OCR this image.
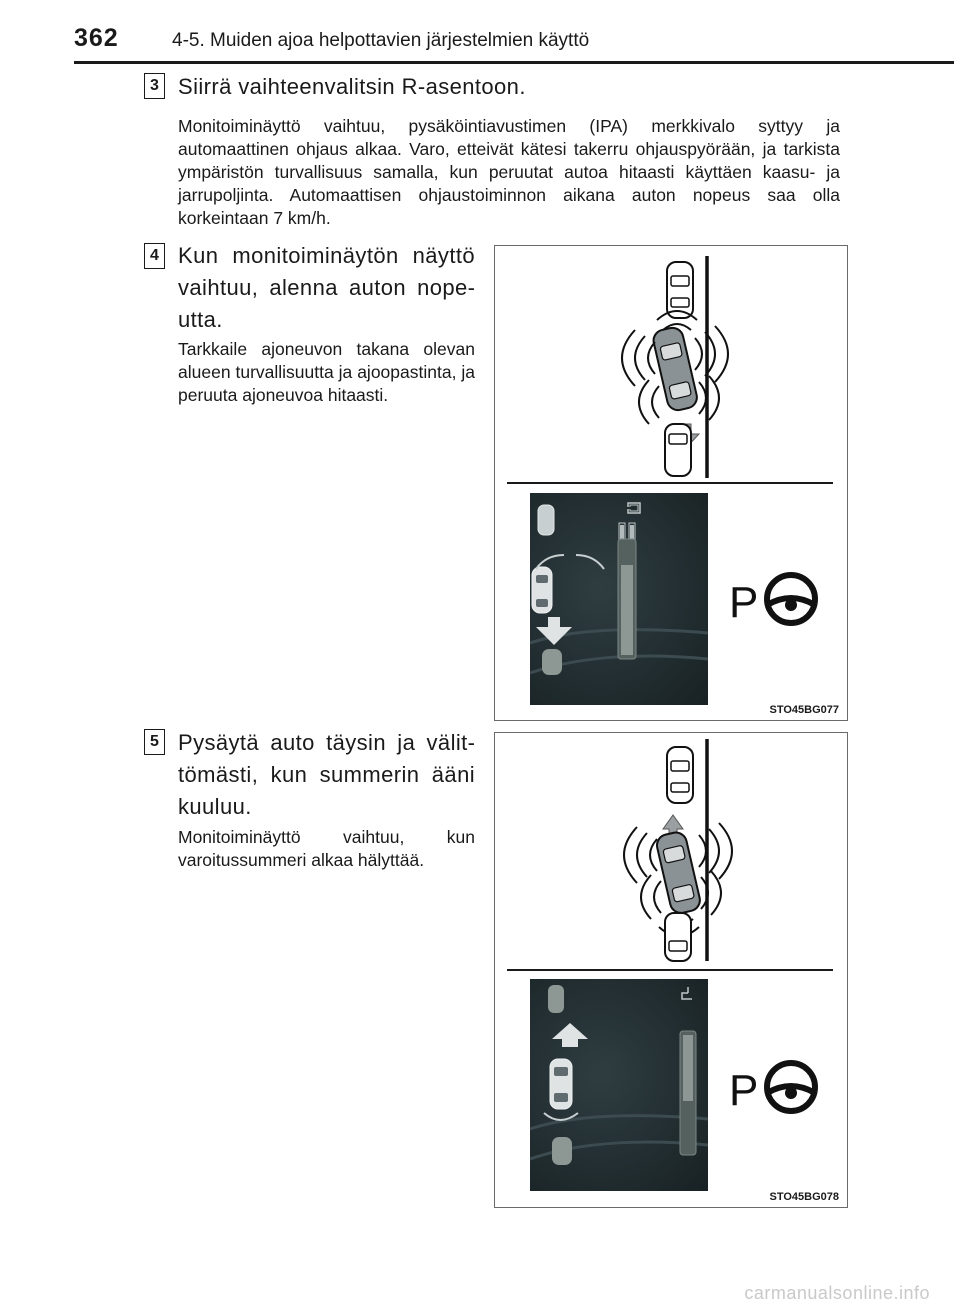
362	4-5. Muiden ajoa helpottavien järjestelmien käyttö
3 Siirrä vaihteenvalitsin R-asentoon.
Monitoiminäyttö vaihtuu, pysäköintiavustimen (IPA) merkkivalo syttyy ja automaattinen ohjaus alkaa. Varo, etteivät kätesi takerru ohjauspyörään, ja tarkista ympäristön turvallisuus samalla, kun peruutat autoa hitaasti käyttäen kaasu- ja jarrupoljinta. Automaattisen ohjaustoiminnon aikana auton nopeus saa olla korkeintaan 7 km/h.
4 Kun monitoiminäytön näyttö vaihtuu, alenna auton nopeutta.
Tarkkaile ajoneuvon takana olevan alueen turvallisuutta ja ajoopastinta, ja peruuta ajoneuvoa hitaasti.
P
STO45BG077
5 Pysäytä auto täysin ja välittömästi, kun summerin ääni kuuluu.
Monitoiminäyttö vaihtuu, kun varoitussummeri alkaa hälyttää.
P
STO45BG078
carmanualsonline.info
